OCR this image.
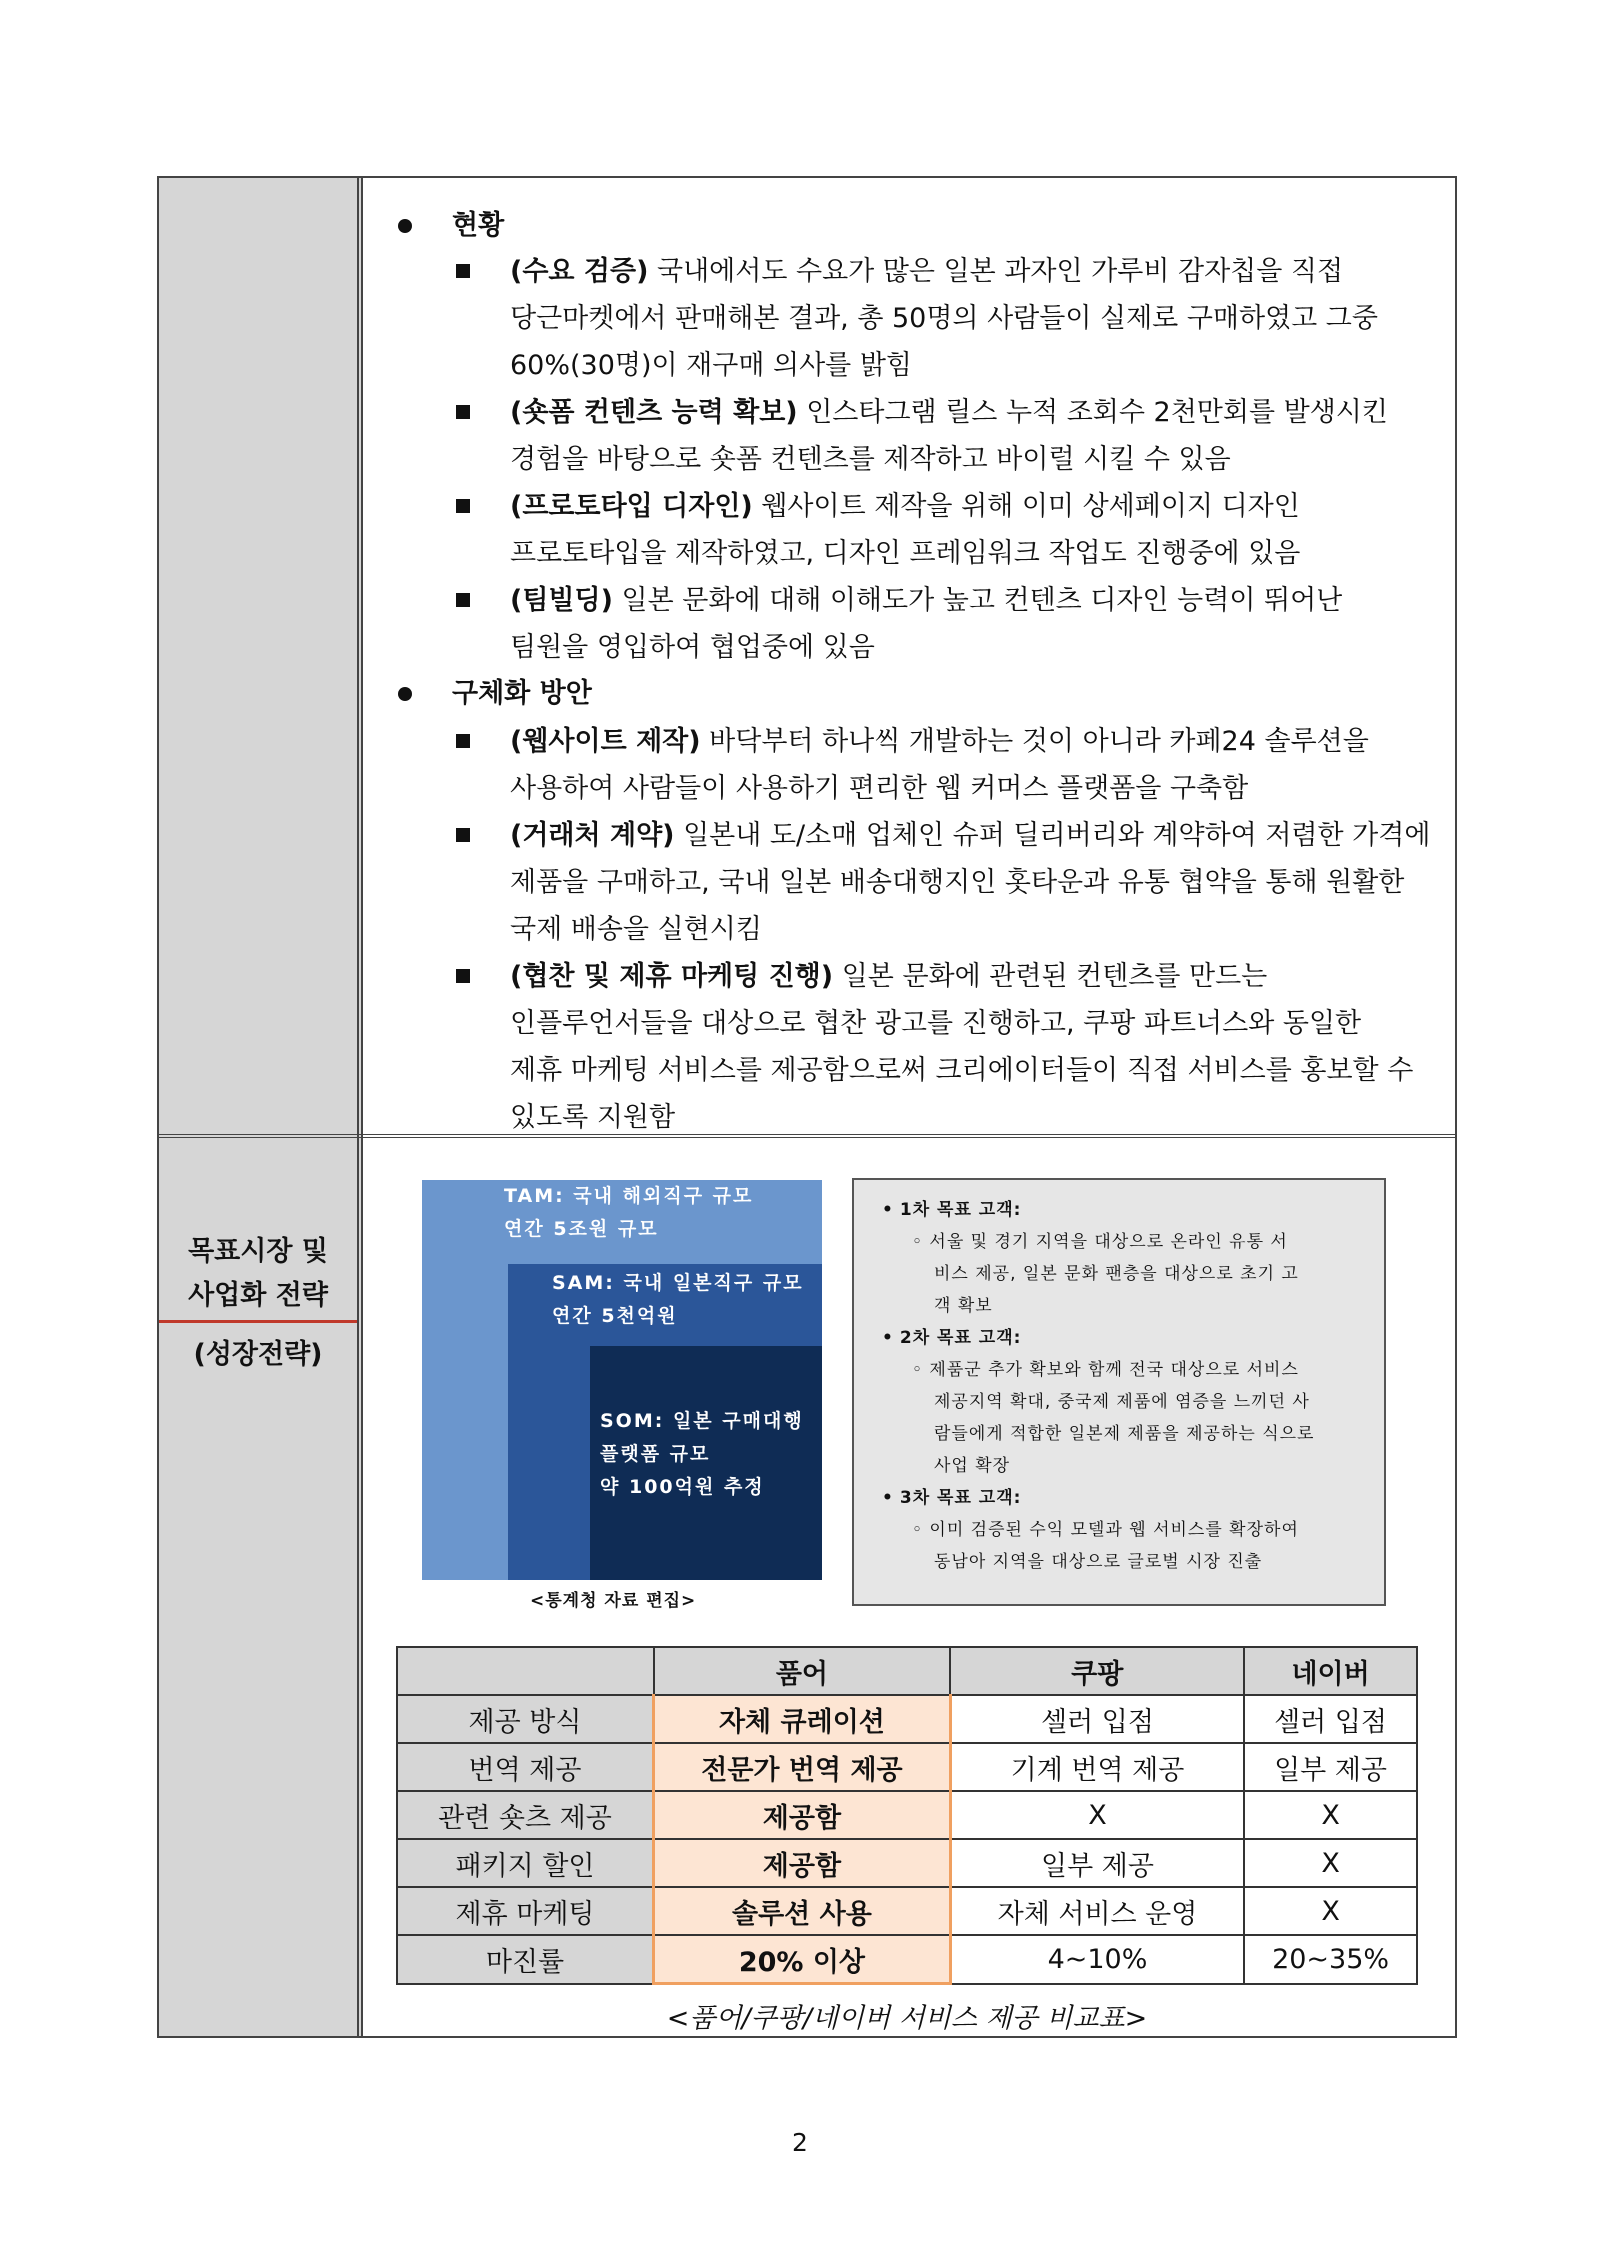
목표시장 및
사업화 전략
(성장전략)
현황
(수요 검증) 국내에서도 수요가 많은 일본 과자인 가루비 감자칩을 직접
당근마켓에서 판매해본 결과, 총 50명의 사람들이 실제로 구매하였고 그중
60%(30명)이 재구매 의사를 밝힘
(숏폼 컨텐츠 능력 확보) 인스타그램 릴스 누적 조회수 2천만회를 발생시킨
경험을 바탕으로 숏폼 컨텐츠를 제작하고 바이럴 시킬 수 있음
(프로토타입 디자인) 웹사이트 제작을 위해 이미 상세페이지 디자인
프로토타입을 제작하였고, 디자인 프레임워크 작업도 진행중에 있음
(팀빌딩) 일본 문화에 대해 이해도가 높고 컨텐츠 디자인 능력이 뛰어난
팀원을 영입하여 협업중에 있음
구체화 방안
(웹사이트 제작) 바닥부터 하나씩 개발하는 것이 아니라 카페24 솔루션을
사용하여 사람들이 사용하기 편리한 웹 커머스 플랫폼을 구축함
(거래처 계약) 일본내 도/소매 업체인 슈퍼 딜리버리와 계약하여 저렴한 가격에
제품을 구매하고, 국내 일본 배송대행지인 홋타운과 유통 협약을 통해 원활한
국제 배송을 실현시킴
(협찬 및 제휴 마케팅 진행) 일본 문화에 관련된 컨텐츠를 만드는
인플루언서들을 대상으로 협찬 광고를 진행하고, 쿠팡 파트너스와 동일한
제휴 마케팅 서비스를 제공함으로써 크리에이터들이 직접 서비스를 홍보할 수
있도록 지원함
TAM: 국내 해외직구 규모
연간 5조원 규모
SAM: 국내 일본직구 규모
연간 5천억원
SOM: 일본 구매대행
플랫폼 규모
약 100억원 추정
<통계청 자료 편집>
• 1차 목표 고객:
◦ 서울 및 경기 지역을 대상으로 온라인 유통 서
비스 제공, 일본 문화 팬층을 대상으로 초기 고
객 확보
• 2차 목표 고객:
◦ 제품군 추가 확보와 함께 전국 대상으로 서비스
제공지역 확대, 중국제 제품에 염증을 느끼던 사
람들에게 적합한 일본제 제품을 제공하는 식으로
사업 확장
• 3차 목표 고객:
◦ 이미 검증된 수익 모델과 웹 서비스를 확장하여
동남아 지역을 대상으로 글로벌 시장 진출
	품어	쿠팡	네이버
제공 방식	자체 큐레이션	셀러 입점	셀러 입점
번역 제공	전문가 번역 제공	기계 번역 제공	일부 제공
관련 숏츠 제공	제공함	X	X
패키지 할인	제공함	일부 제공	X
제휴 마케팅	솔루션 사용	자체 서비스 운영	X
마진률	20% 이상	4~10%	20~35%
<품어/쿠팡/네이버 서비스 제공 비교표>
2
